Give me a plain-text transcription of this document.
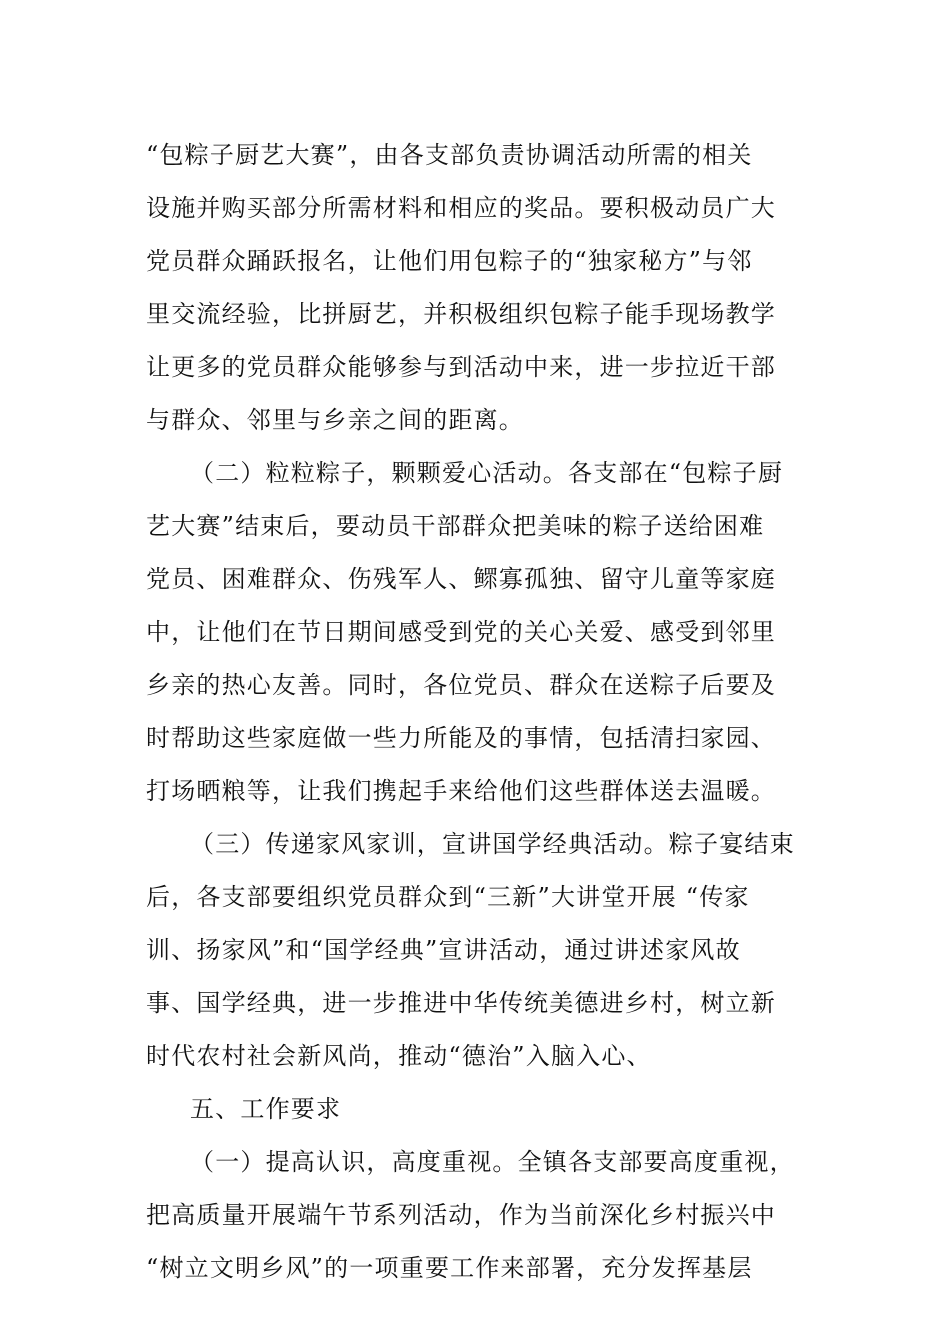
“包粽子厨艺大赛”，由各支部负责协调活动所需的相关
设施并购买部分所需材料和相应的奖品。要积极动员广大
党员群众踊跃报名，让他们用包粽子的“独家秘方”与邻
里交流经验，比拼厨艺，并积极组织包粽子能手现场教学
让更多的党员群众能够参与到活动中来，进一步拉近干部
与群众、邻里与乡亲之间的距离。
（二）粒粒粽子，颗颗爱心活动。各支部在“包粽子厨
艺大赛”结束后，要动员干部群众把美味的粽子送给困难
党员、困难群众、伤残军人、鳏寡孤独、留守儿童等家庭
中，让他们在节日期间感受到党的关心关爱、感受到邻里
乡亲的热心友善。同时，各位党员、群众在送粽子后要及
时帮助这些家庭做一些力所能及的事情，包括清扫家园、
打场晒粮等，让我们携起手来给他们这些群体送去温暖。
（三）传递家风家训，宣讲国学经典活动。粽子宴结束
后，各支部要组织党员群众到“三新”大讲堂开展 “传家
训、扬家风”和“国学经典”宣讲活动，通过讲述家风故
事、国学经典，进一步推进中华传统美德进乡村，树立新
时代农村社会新风尚，推动“德治”入脑入心、
五、工作要求
（一）提高认识，高度重视。全镇各支部要高度重视，
把高质量开展端午节系列活动，作为当前深化乡村振兴中
“树立文明乡风”的一项重要工作来部署，充分发挥基层
